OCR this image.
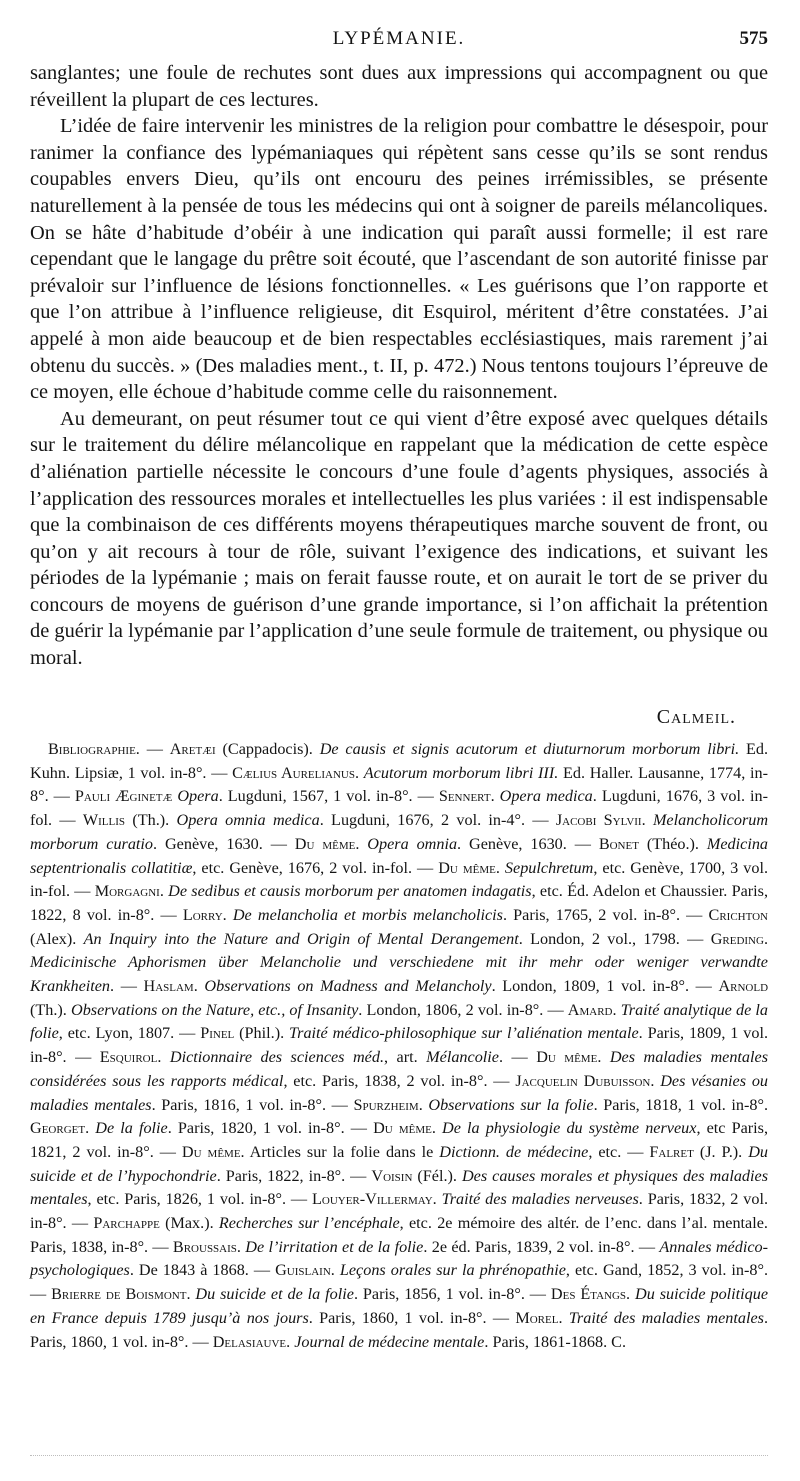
LYPÉMANIE.	575

sanglantes; une foule de rechutes sont dues aux impressions qui accompagnent ou que réveillent la plupart de ces lectures.

L’idée de faire intervenir les ministres de la religion pour combattre le désespoir, pour ranimer la confiance des lypémaniaques qui répètent sans cesse qu’ils se sont rendus coupables envers Dieu, qu’ils ont encouru des peines irrémissibles, se présente naturellement à la pensée de tous les médecins qui ont à soigner de pareils mélancoliques. On se hâte d’habitude d’obéir à une indication qui paraît aussi formelle; il est rare cependant que le langage du prêtre soit écouté, que l’ascendant de son autorité finisse par prévaloir sur l’influence de lésions fonctionnelles. « Les guérisons que l’on rapporte et que l’on attribue à l’influence religieuse, dit Esquirol, méritent d’être constatées. J’ai appelé à mon aide beaucoup et de bien respectables ecclésiastiques, mais rarement j’ai obtenu du succès. » (Des maladies ment., t. II, p. 472.) Nous tentons toujours l’épreuve de ce moyen, elle échoue d’habitude comme celle du raisonnement.

Au demeurant, on peut résumer tout ce qui vient d’être exposé avec quelques détails sur le traitement du délire mélancolique en rappelant que la médication de cette espèce d’aliénation partielle nécessite le concours d’une foule d’agents physiques, associés à l’application des ressources morales et intellectuelles les plus variées : il est indispensable que la combinaison de ces différents moyens thérapeutiques marche souvent de front, ou qu’on y ait recours à tour de rôle, suivant l’exigence des indications, et suivant les périodes de la lypémanie ; mais on ferait fausse route, et on aurait le tort de se priver du concours de moyens de guérison d’une grande importance, si l’on affichait la prétention de guérir la lypémanie par l’application d’une seule formule de traitement, ou physique ou moral.

Calmeil.

Bibliographie. — Aretæi (Cappadocis). De causis et signis acutorum et diuturnorum morborum libri. Ed. Kuhn. Lipsiæ, 1 vol. in-8°. — Cælius Aurelianus. Acutorum morborum libri III. Ed. Haller. Lausanne, 1774, in-8°. — Pauli Æginetæ Opera. Lugduni, 1567, 1 vol. in-8°. — Sennert. Opera medica. Lugduni, 1676, 3 vol. in-fol. — Willis (Th.). Opera omnia medica. Lugduni, 1676, 2 vol. in-4°. — Jacobi Sylvii. Melancholicorum morborum curatio. Genève, 1630. — Du même. Opera omnia. Genève, 1630. — Bonet (Théo.). Medicina septentrionalis collatitiæ, etc. Genève, 1676, 2 vol. in-fol. — Du même. Sepulchretum, etc. Genève, 1700, 3 vol. in-fol. — Morgagni. De sedibus et causis morborum per anatomen indagatis, etc. Éd. Adelon et Chaussier. Paris, 1822, 8 vol. in-8°. — Lorry. De melancholia et morbis melancholicis. Paris, 1765, 2 vol. in-8°. — Crichton (Alex). An Inquiry into the Nature and Origin of Mental Derangement. London, 2 vol., 1798. — Greding. Medicinische Aphorismen über Melancholie und verschiedene mit ihr mehr oder weniger verwandte Krankheiten. — Haslam. Observations on Madness and Melancholy. London, 1809, 1 vol. in-8°. — Arnold (Th.). Observations on the Nature, etc., of Insanity. London, 1806, 2 vol. in-8°. — Amard. Traité analytique de la folie, etc. Lyon, 1807. — Pinel (Phil.). Traité médico-philosophique sur l’aliénation mentale. Paris, 1809, 1 vol. in-8°. — Esquirol. Dictionnaire des sciences méd., art. Mélancolie. — Du même. Des maladies mentales considérées sous les rapports médical, etc. Paris, 1838, 2 vol. in-8°. — Jacquelin Dubuisson. Des vésanies ou maladies mentales. Paris, 1816, 1 vol. in-8°. — Spurzheim. Observations sur la folie. Paris, 1818, 1 vol. in-8°. Georget. De la folie. Paris, 1820, 1 vol. in-8°. — Du même. De la physiologie du système nerveux, etc Paris, 1821, 2 vol. in-8°. — Du même. Articles sur la folie dans le Dictionn. de médecine, etc. — Falret (J. P.). Du suicide et de l’hypochondrie. Paris, 1822, in-8°. — Voisin (Fél.). Des causes morales et physiques des maladies mentales, etc. Paris, 1826, 1 vol. in-8°. — Louyer-Villermay. Traité des maladies nerveuses. Paris, 1832, 2 vol. in-8°. — Parchappe (Max.). Recherches sur l’encéphale, etc. 2e mémoire des altér. de l’enc. dans l’al. mentale. Paris, 1838, in-8°. — Broussais. De l’irritation et de la folie. 2e éd. Paris, 1839, 2 vol. in-8°. — Annales médico-psychologiques. De 1843 à 1868. — Guislain. Leçons orales sur la phrénopathie, etc. Gand, 1852, 3 vol. in-8°. — Brierre de Boismont. Du suicide et de la folie. Paris, 1856, 1 vol. in-8°. — Des Étangs. Du suicide politique en France depuis 1789 jusqu’à nos jours. Paris, 1860, 1 vol. in-8°. — Morel. Traité des maladies mentales. Paris, 1860, 1 vol. in-8°. — Delasiauve. Journal de médecine mentale. Paris, 1861-1868. C.
